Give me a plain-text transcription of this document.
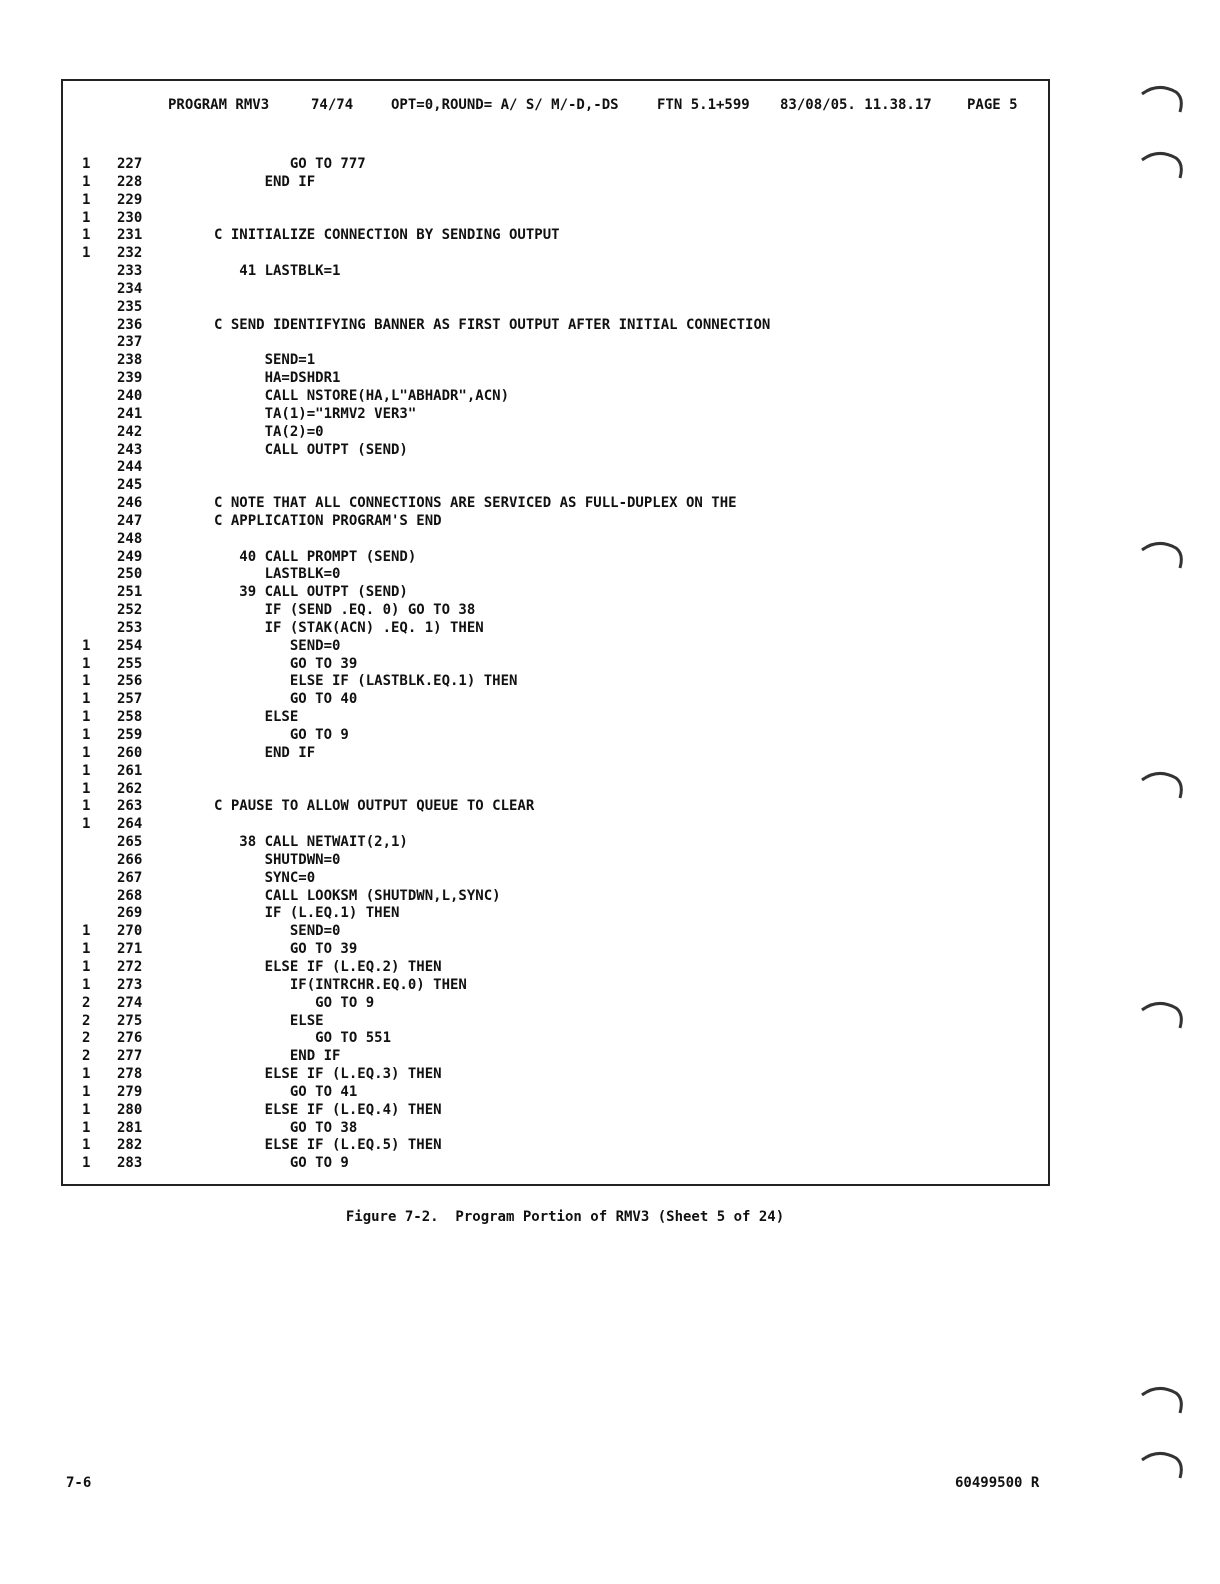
PROGRAM RMV3

	74/74

	OPT=0,ROUND= A/ S/ M/-D,-DS

	FTN 5.1+599

83/08/05. 11.38.17

	PAGE 5

1 227	GO TO 777
1 228	END IF
1 229
1 230
1 231	C INITIALIZE CONNECTION BY SENDING OUTPUT
1 232
233	41 LASTBLK=1
234
235
236	C SEND IDENTIFYING BANNER AS FIRST OUTPUT AFTER INITIAL CONNECTION
237
238	SEND=1
239	HA=DSHDR1
240	CALL NSTORE(HA,L"ABHADR",ACN)
241	TA(1)="1RMV2 VER3"
242	TA(2)=0
243	CALL OUTPT (SEND)
244
245
246	C NOTE THAT ALL CONNECTIONS ARE SERVICED AS FULL-DUPLEX ON THE
247	C APPLICATION PROGRAM'S END
248
249	40 CALL PROMPT (SEND)
250	LASTBLK=0
251	39 CALL OUTPT (SEND)
252	IF (SEND .EQ. 0) GO TO 38
253	IF (STAK(ACN) .EQ. 1) THEN
1 254	SEND=0
1 255	GO TO 39
1 256	ELSE IF (LASTBLK.EQ.1) THEN
1 257	GO TO 40
1 258	ELSE
1 259	GO TO 9
1 260	END IF
1 261
1 262
1 263	C PAUSE TO ALLOW OUTPUT QUEUE TO CLEAR
1 264
265	38 CALL NETWAIT(2,1)
266	SHUTDWN=0
267	SYNC=0
268	CALL LOOKSM (SHUTDWN,L,SYNC)
269	IF (L.EQ.1) THEN
1 270	SEND=0
1 271	GO TO 39
1 272	ELSE IF (L.EQ.2) THEN
1 273	IF(INTRCHR.EQ.0) THEN
2 274	GO TO 9
2 275	ELSE
2 276	GO TO 551
2 277	END IF
1 278	ELSE IF (L.EQ.3) THEN
1 279	GO TO 41
1 280	ELSE IF (L.EQ.4) THEN
1 281	GO TO 38
1 282	ELSE IF (L.EQ.5) THEN
1 283	GO TO 9
Figure 7-2.  Program Portion of RMV3 (Sheet 5 of 24)
7-6	60499500 R
